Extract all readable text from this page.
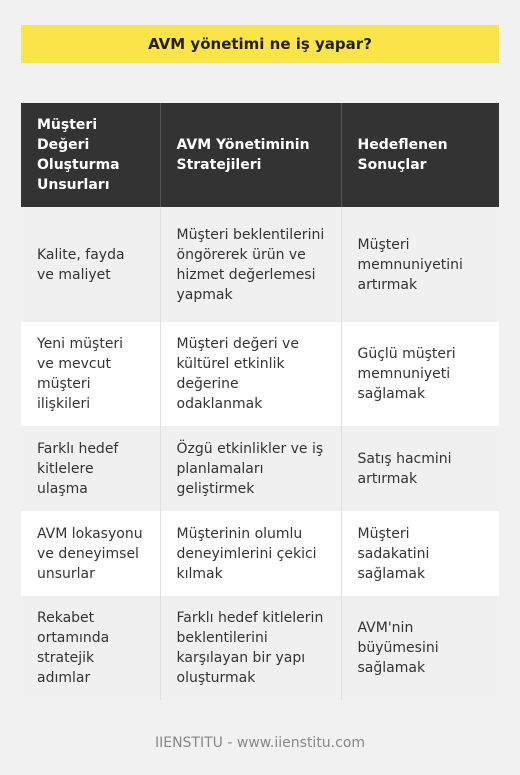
AVM yönetimi ne iş yapar?
Müşteri Değeri Oluşturma Unsurları	AVM Yönetiminin Stratejileri	Hedeflenen Sonuçlar
Kalite, fayda ve maliyet	Müşteri beklentilerini öngörerek ürün ve hizmet değerlemesi yapmak	Müşteri memnuniyetini artırmak
Yeni müşteri ve mevcut müşteri ilişkileri	Müşteri değeri ve kültürel etkinlik değerine odaklanmak	Güçlü müşteri memnuniyeti sağlamak
Farklı hedef kitlelere ulaşma	Özgü etkinlikler ve iş planlamaları geliştirmek	Satış hacmini artırmak
AVM lokasyonu ve deneyimsel unsurlar	Müşterinin olumlu deneyimlerini çekici kılmak	Müşteri sadakatini sağlamak
Rekabet ortamında stratejik adımlar	Farklı hedef kitlelerin beklentilerini karşılayan bir yapı oluşturmak	AVM'nin büyümesini sağlamak
IIENSTITU - www.iienstitu.com
